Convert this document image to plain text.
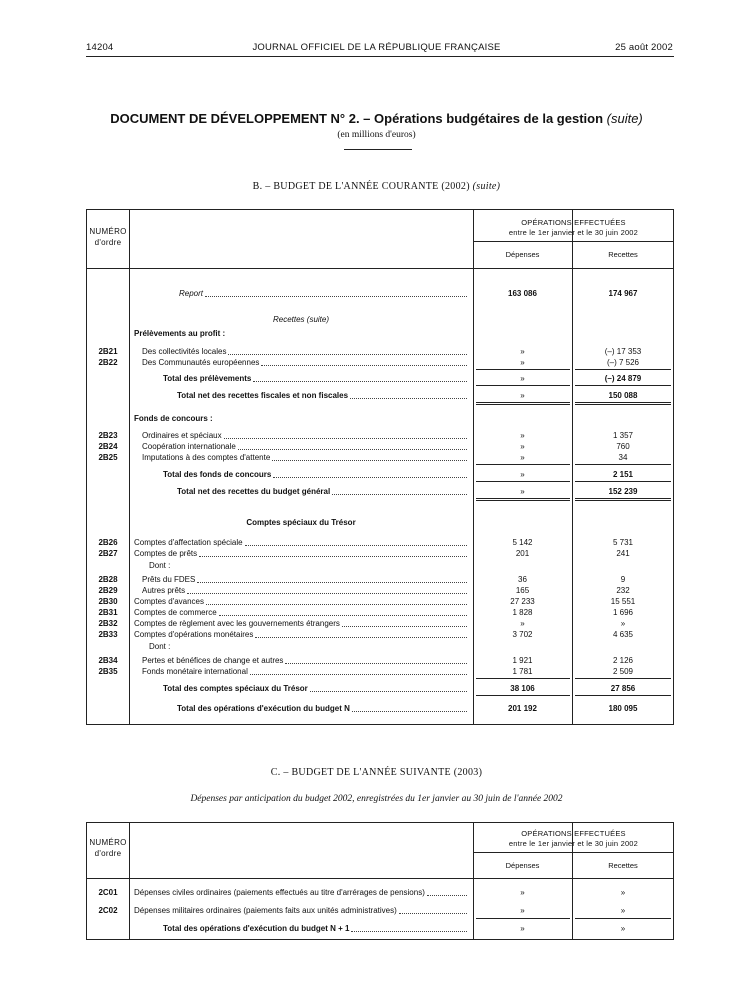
14204	JOURNAL OFFICIEL DE LA RÉPUBLIQUE FRANÇAISE	25 août 2002
DOCUMENT DE DÉVELOPPEMENT N° 2. – Opérations budgétaires de la gestion (suite)
(en millions d'euros)
B. – BUDGET DE L'ANNÉE COURANTE (2002) (suite)
NUMÉRO
d'ordre
OPÉRATIONS EFFECTUÉES
entre le 1er janvier et le 30 juin 2002
Dépenses	Recettes
Report	163 086	174 967
Recettes (suite)
Prélèvements au profit :
2B21	Des collectivités locales	»	(–) 17 353
2B22	Des Communautés européennes	»	(–) 7 526
Total des prélèvements	»	(–) 24 879
Total net des recettes fiscales et non fiscales	»	150 088
Fonds de concours :
2B23	Ordinaires et spéciaux	»	1 357
2B24	Coopération internationale	»	760
2B25	Imputations à des comptes d'attente	»	34
Total des fonds de concours	»	2 151
Total net des recettes du budget général	»	152 239
Comptes spéciaux du Trésor
2B26	Comptes d'affectation spéciale	5 142	5 731
2B27	Comptes de prêts	201	241
Dont :
2B28	Prêts du FDES	36	9
2B29	Autres prêts	165	232
2B30	Comptes d'avances	27 233	15 551
2B31	Comptes de commerce	1 828	1 696
2B32	Comptes de règlement avec les gouvernements étrangers	»	»
2B33	Comptes d'opérations monétaires	3 702	4 635
Dont :
2B34	Pertes et bénéfices de change et autres	1 921	2 126
2B35	Fonds monétaire international	1 781	2 509
Total des comptes spéciaux du Trésor	38 106	27 856
Total des opérations d'exécution du budget N	201 192	180 095
C. – BUDGET DE L'ANNÉE SUIVANTE (2003)
Dépenses par anticipation du budget 2002, enregistrées du 1er janvier au 30 juin de l'année 2002
NUMÉRO
d'ordre
OPÉRATIONS EFFECTUÉES
entre le 1er janvier et le 30 juin 2002
Dépenses	Recettes
2C01	Dépenses civiles ordinaires (paiements effectués au titre d'arrérages de pensions)	»	»
2C02	Dépenses militaires ordinaires (paiements faits aux unités administratives)	»	»
Total des opérations d'exécution du budget N + 1	»	»
